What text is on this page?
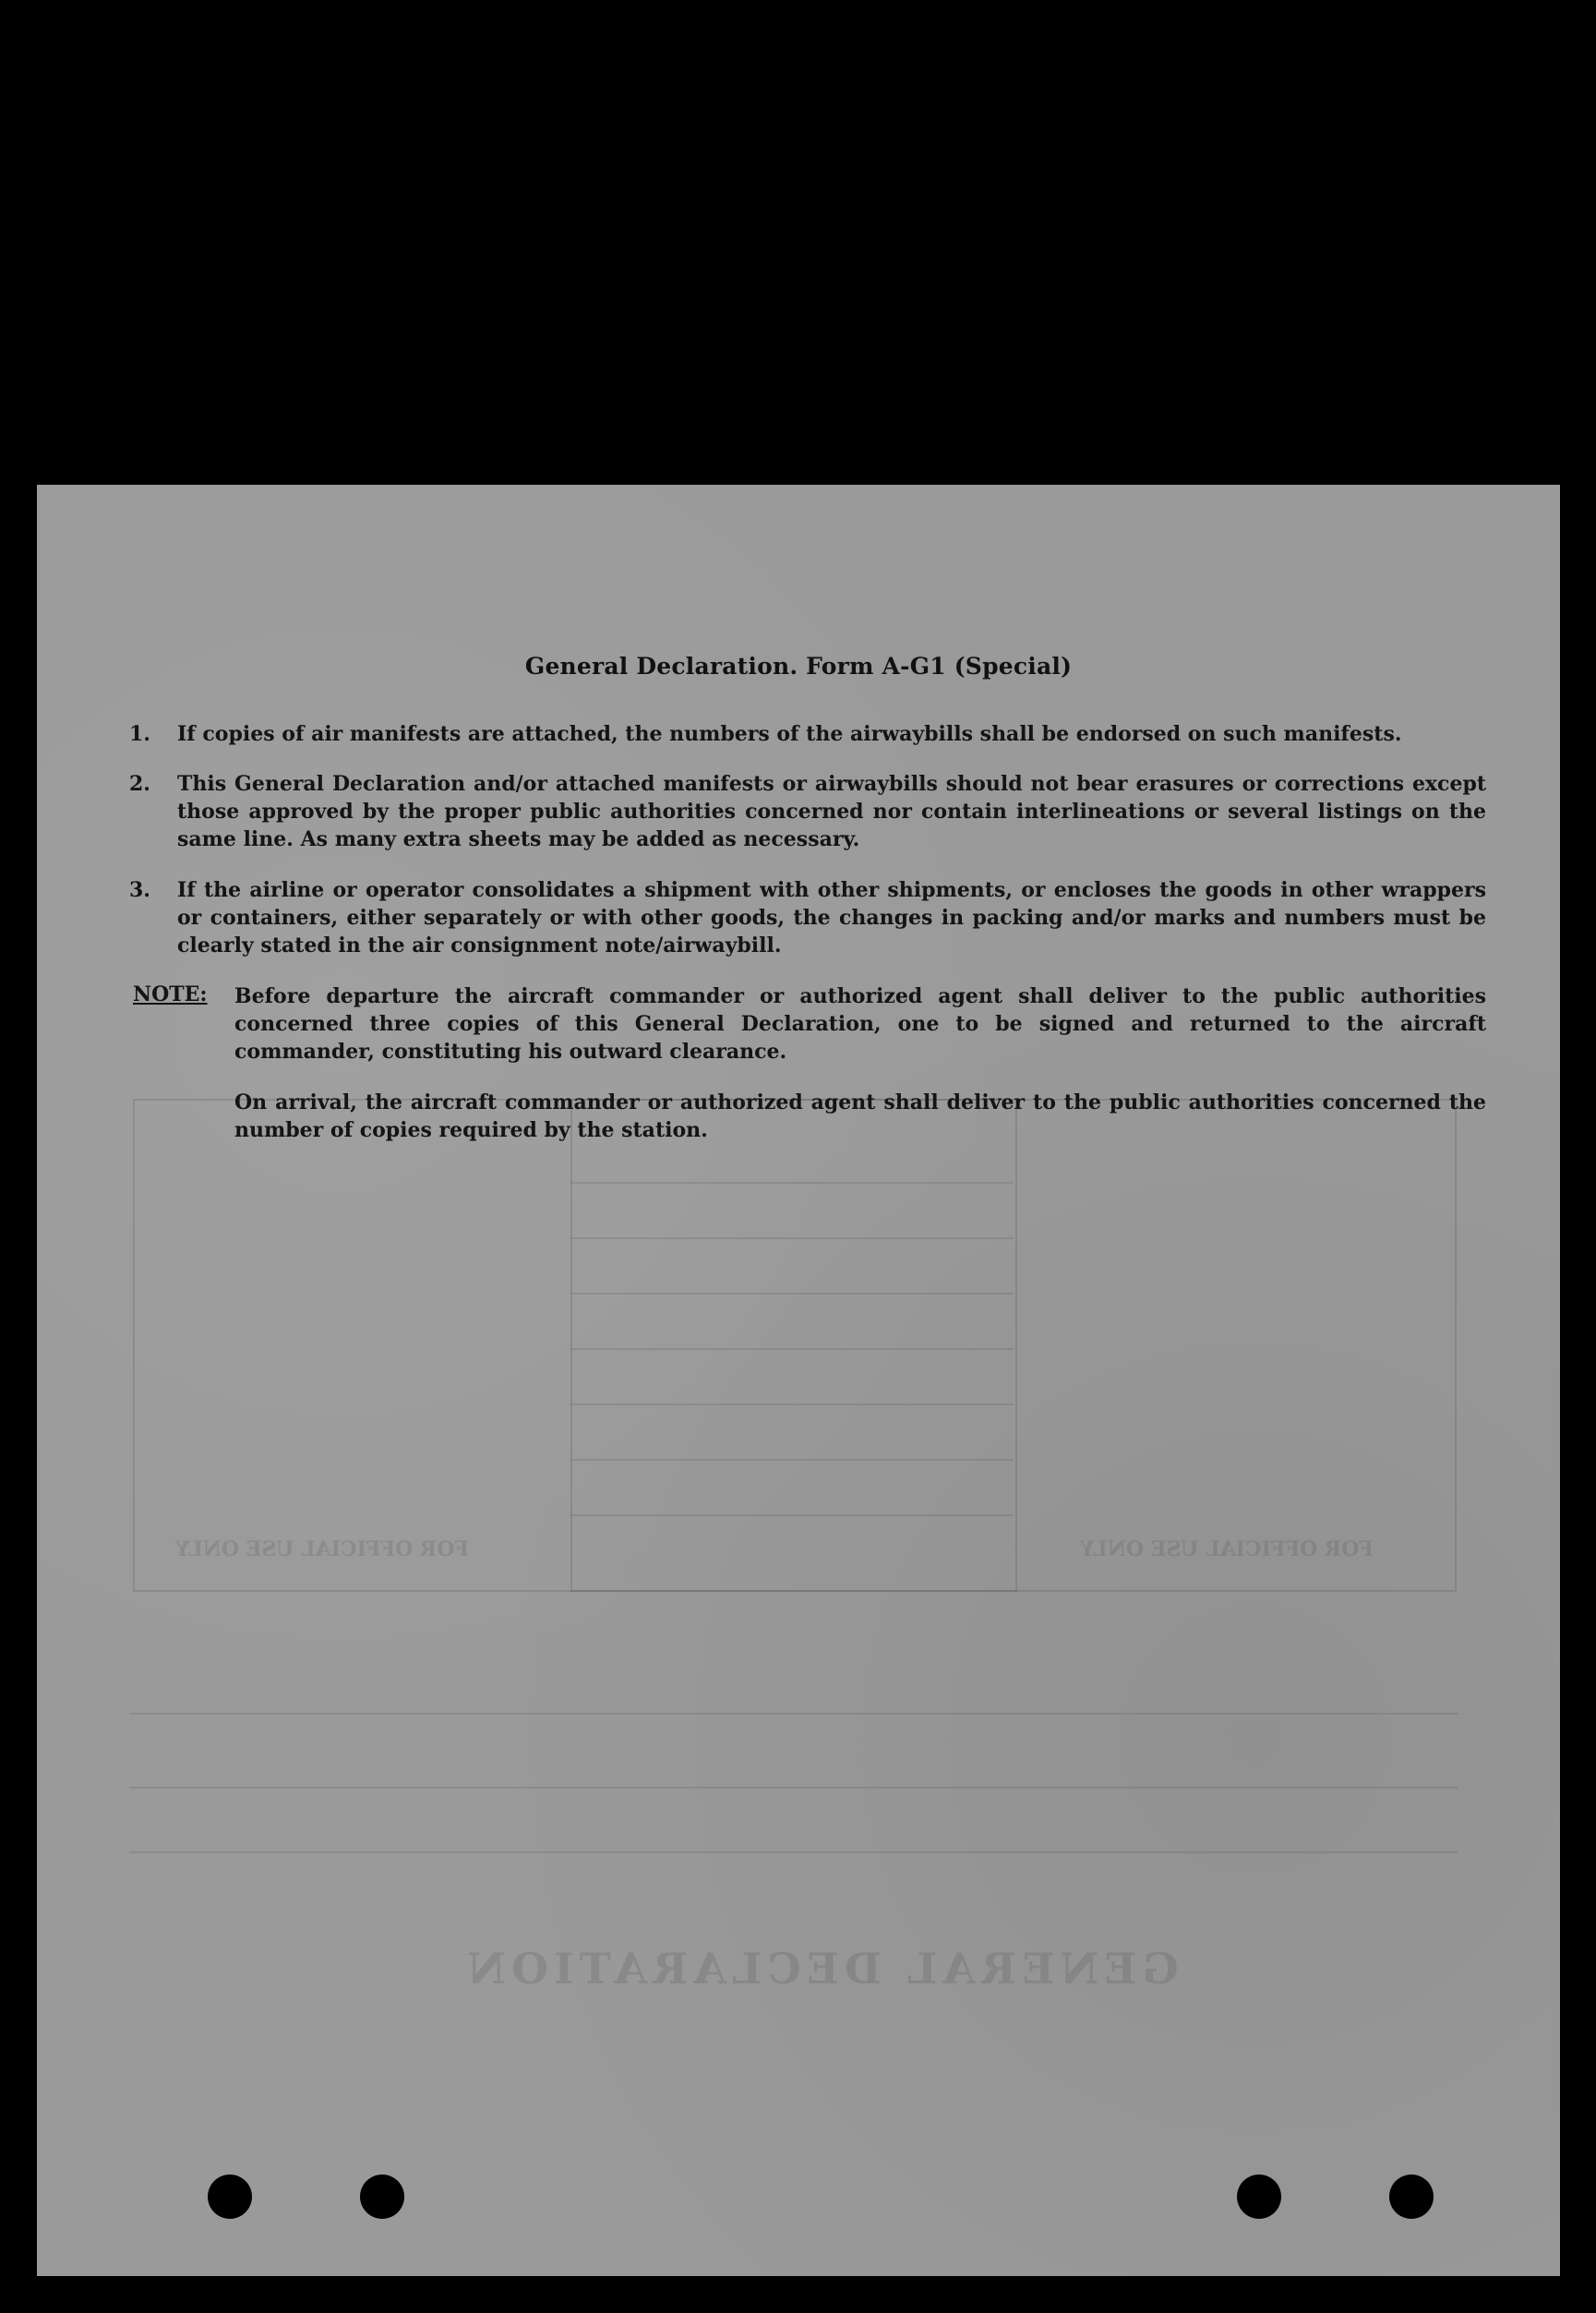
FOR OFFICIAL USE ONLY	FOR OFFICIAL USE ONLY
GENERAL DECLARATION
General Declaration. Form A-G1 (Special)
1.	If copies of air manifests are attached, the numbers of the airwaybills shall be endorsed on such manifests.
2.	This General Declaration and/or attached manifests or airwaybills should not bear erasures or corrections except those approved by the proper public authorities concerned nor contain interlineations or several listings on the same line. As many extra sheets may be added as necessary.
3.	If the airline or operator consolidates a shipment with other shipments, or encloses the goods in other wrappers or containers, either separately or with other goods, the changes in packing and/or marks and numbers must be clearly stated in the air consignment note/airwaybill.
NOTE: Before departure the aircraft commander or authorized agent shall deliver to the public authorities concerned three copies of this General Declaration, one to be signed and returned to the aircraft commander, constituting his outward clearance.
On arrival, the aircraft commander or authorized agent shall deliver to the public authorities concerned the number of copies required by the station.
